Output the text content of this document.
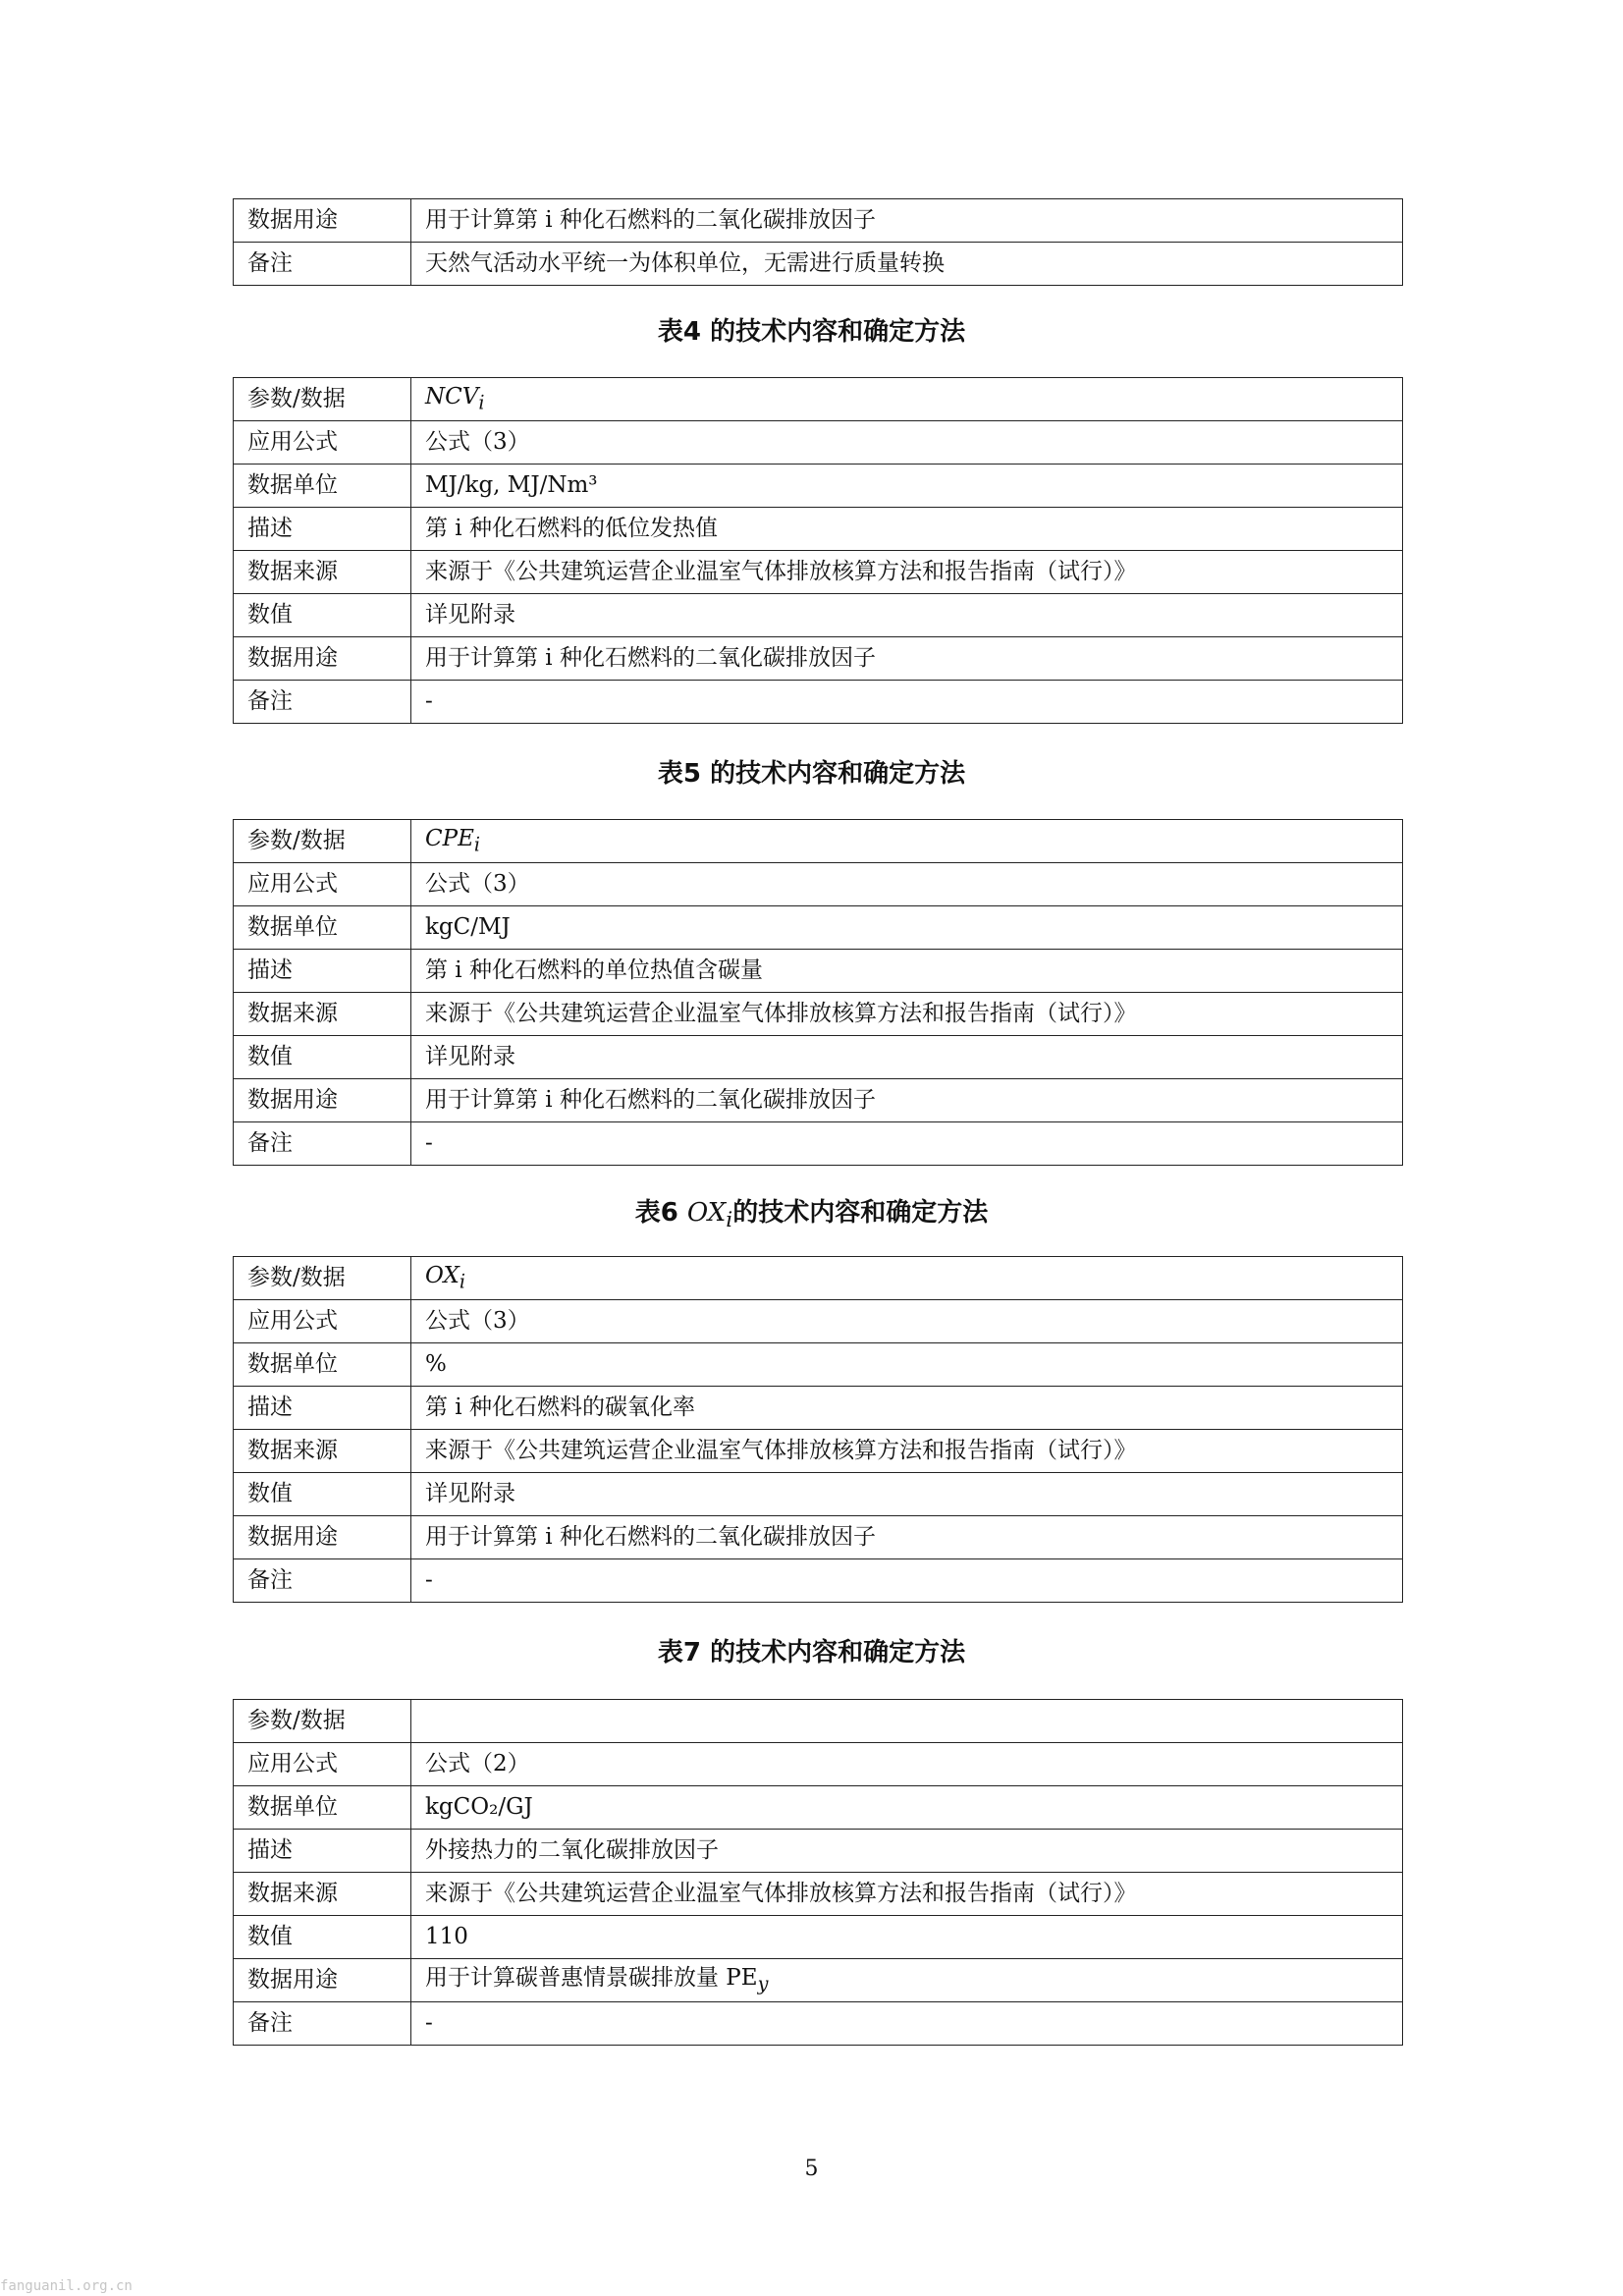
数据用途	用于计算第 i 种化石燃料的二氧化碳排放因子
备注	天然气活动水平统一为体积单位，无需进行质量转换
表4 的技术内容和确定方法
参数/数据	$NCV_i$
应用公式	公式（3）
数据单位	MJ/kg, MJ/Nm³
描述	第 i 种化石燃料的低位发热值
数据来源	来源于《公共建筑运营企业温室气体排放核算方法和报告指南（试行）》
数值	详见附录
数据用途	用于计算第 i 种化石燃料的二氧化碳排放因子
备注	-
表5 的技术内容和确定方法
参数/数据	$CPE_i$
应用公式	公式（3）
数据单位	kgC/MJ
描述	第 i 种化石燃料的单位热值含碳量
数据来源	来源于《公共建筑运营企业温室气体排放核算方法和报告指南（试行）》
数值	详见附录
数据用途	用于计算第 i 种化石燃料的二氧化碳排放因子
备注	-
表6 $OX_i$的技术内容和确定方法
参数/数据	$OX_i$
应用公式	公式（3）
数据单位	%
描述	第 i 种化石燃料的碳氧化率
数据来源	来源于《公共建筑运营企业温室气体排放核算方法和报告指南（试行）》
数值	详见附录
数据用途	用于计算第 i 种化石燃料的二氧化碳排放因子
备注	-
表7 的技术内容和确定方法
参数/数据	
应用公式	公式（2）
数据单位	kgCO₂/GJ
描述	外接热力的二氧化碳排放因子
数据来源	来源于《公共建筑运营企业温室气体排放核算方法和报告指南（试行）》
数值	110
数据用途	用于计算碳普惠情景碳排放量 $PE_y$
备注	-
5
fanguanil.org.cn
